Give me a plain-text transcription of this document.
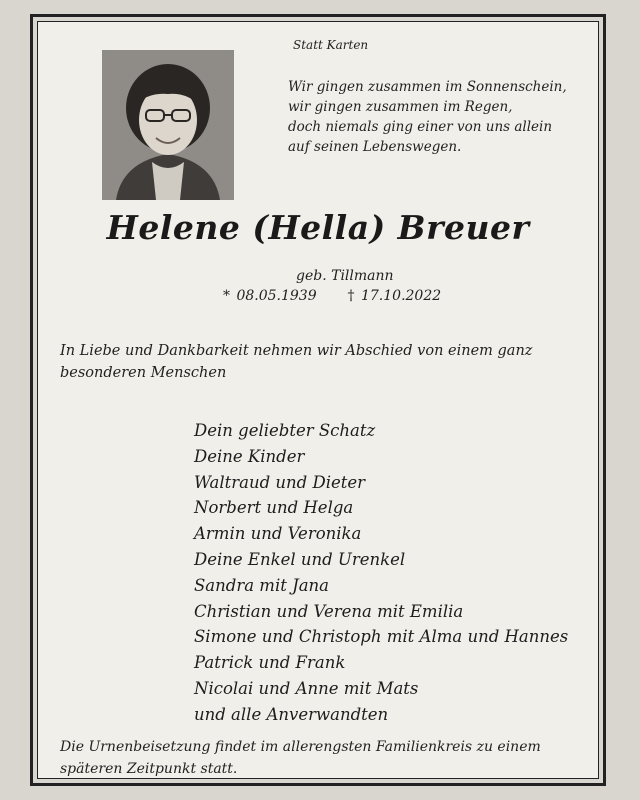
Statt Karten
Wir gingen zusammen im Sonnenschein,
wir gingen zusammen im Regen,
doch niemals ging einer von uns allein
auf seinen Lebenswegen.
Helene (Hella) Breuer
geb. Tillmann
* 08.05.1939 † 17.10.2022
In Liebe und Dankbarkeit nehmen wir Abschied von einem ganz besonderen Menschen
Dein geliebter Schatz
Deine Kinder
Waltraud und Dieter
Norbert und Helga
Armin und Veronika
Deine Enkel und Urenkel
Sandra mit Jana
Christian und Verena mit Emilia
Simone und Christoph mit Alma und Hannes
Patrick und Frank
Nicolai und Anne mit Mats
und alle Anverwandten
Die Urnenbeisetzung findet im allerengsten Familienkreis zu einem späteren Zeitpunkt statt.
